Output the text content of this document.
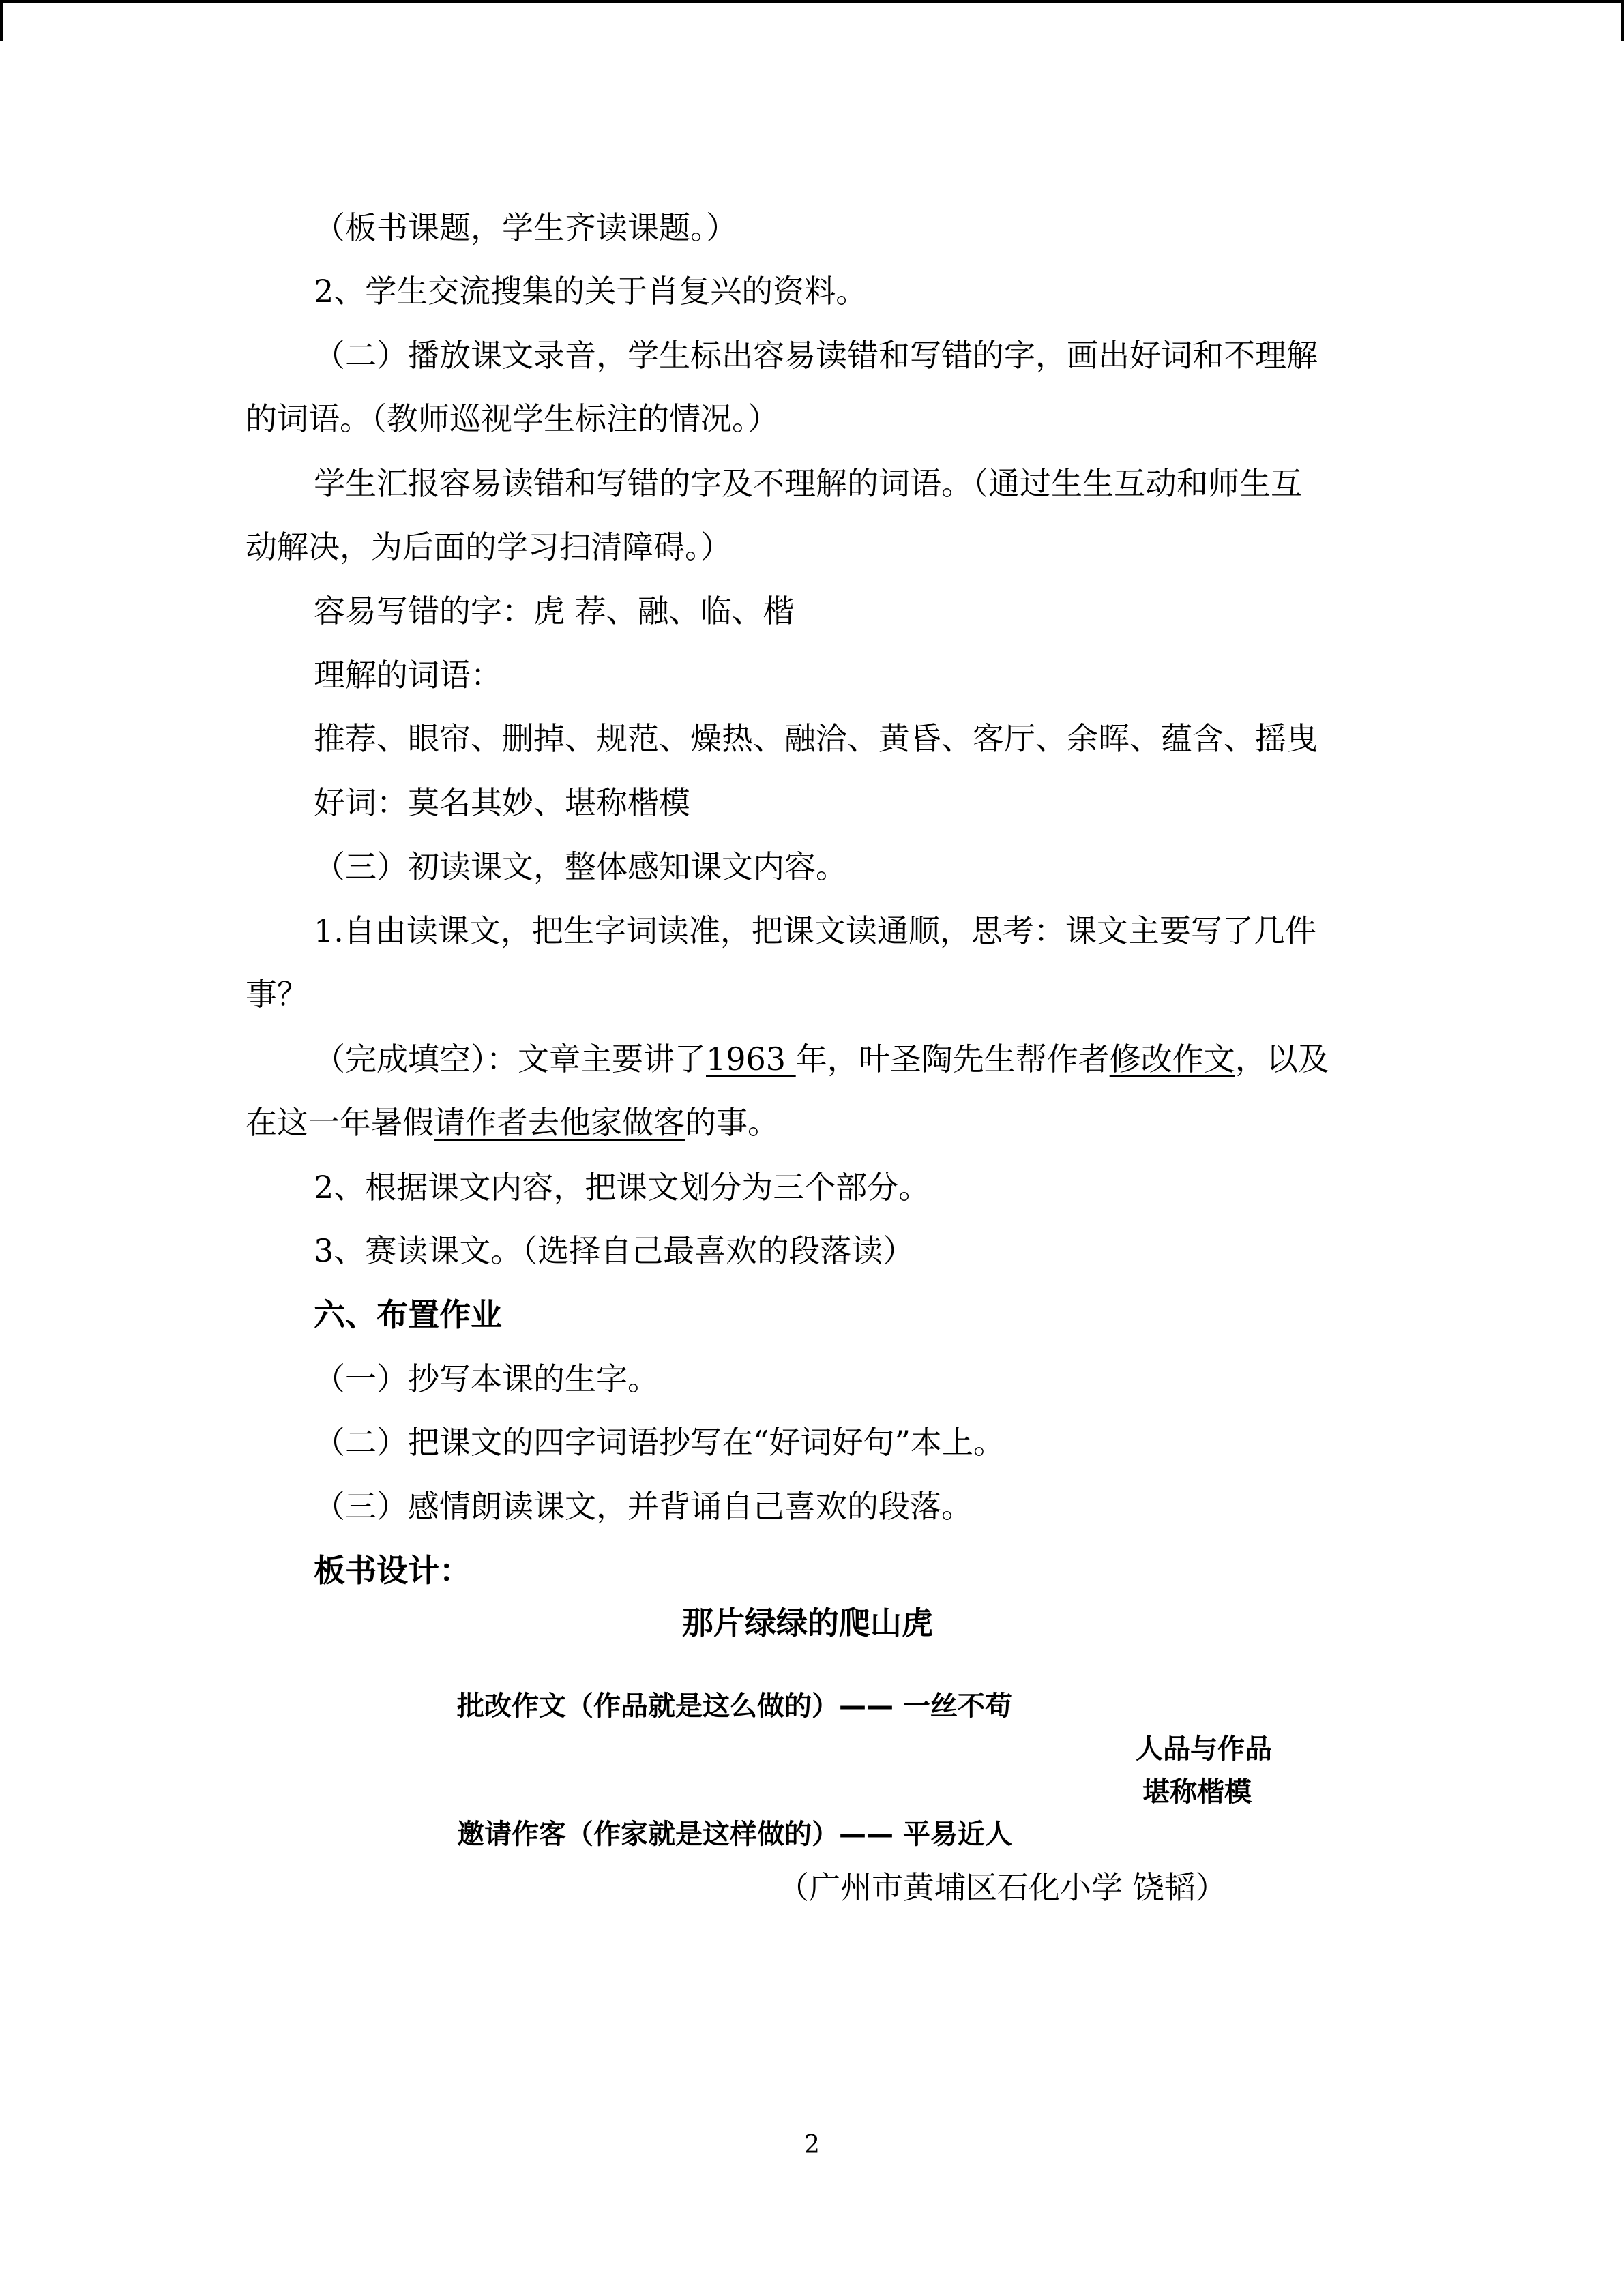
（板书课题，学生齐读课题。）
2、学生交流搜集的关于肖复兴的资料。
（二）播放课文录音，学生标出容易读错和写错的字，画出好词和不理解
的词语。（教师巡视学生标注的情况。）
学生汇报容易读错和写错的字及不理解的词语。（通过生生互动和师生互
动解决，为后面的学习扫清障碍。）
容易写错的字：虎 荐、融、临、楷
理解的词语：
推荐、眼帘、删掉、规范、燥热、融洽、黄昏、客厅、余晖、蕴含、摇曳
好词：莫名其妙、堪称楷模
（三）初读课文，整体感知课文内容。
1.自由读课文，把生字词读准，把课文读通顺，思考：课文主要写了几件
事？
（完成填空）：文章主要讲了1963 年，叶圣陶先生帮作者修改作文，以及
在这一年暑假请作者去他家做客的事。
2、根据课文内容，把课文划分为三个部分。
3、赛读课文。（选择自己最喜欢的段落读）
六、布置作业
（一）抄写本课的生字。
（二）把课文的四字词语抄写在“好词好句”本上。
（三）感情朗读课文，并背诵自己喜欢的段落。
板书设计：
那片绿绿的爬山虎
批改作文（作品就是这么做的）—— 一丝不苟
人品与作品
堪称楷模
邀请作客（作家就是这样做的）—— 平易近人
（广州市黄埔区石化小学 饶韬）
2
